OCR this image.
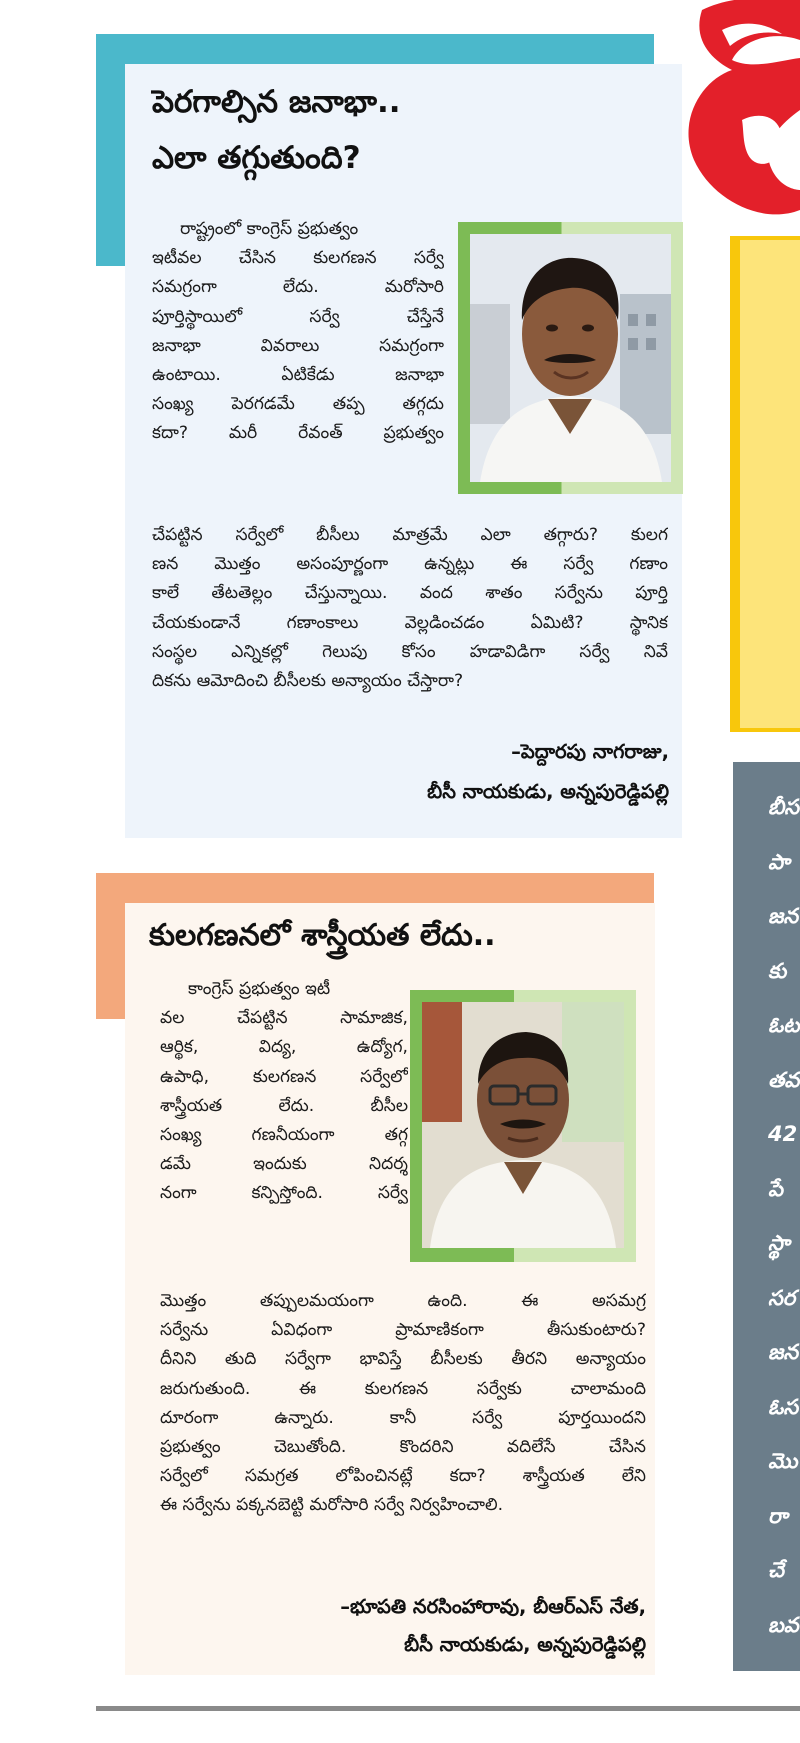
పెరగాల్సిన జనాభా..
ఎలా తగ్గుతుంది?
రాష్ట్రంలో కాంగ్రెస్ ప్రభుత్వం
ఇటీవల చేసిన కులగణన సర్వే
సమగ్రంగా లేదు. మరోసారి
పూర్తిస్థాయిలో సర్వే చేస్తేనే
జనాభా వివరాలు సమగ్రంగా
ఉంటాయి. ఏటికేడు జనాభా
సంఖ్య పెరగడమే తప్ప తగ్గదు
కదా? మరీ రేవంత్ ప్రభుత్వం
చేపట్టిన సర్వేలో బీసీలు మాత్రమే ఎలా తగ్గారు? కులగ
ణన మొత్తం అసంపూర్ణంగా ఉన్నట్లు ఈ సర్వే గణాం
కాలే తేటతెల్లం చేస్తున్నాయి. వంద శాతం సర్వేను పూర్తి
చేయకుండానే గణాంకాలు వెల్లడించడం ఏమిటి? స్థానిక
సంస్థల ఎన్నికల్లో గెలుపు కోసం హడావిడిగా సర్వే నివే
దికను ఆమోదించి బీసీలకు అన్యాయం చేస్తారా?
–పెద్దారపు నాగరాజు,
బీసీ నాయకుడు, అన్నపురెడ్డిపల్లి
కులగణనలో శాస్త్రీయత లేదు..
కాంగ్రెస్ ప్రభుత్వం ఇటీ
వల చేపట్టిన సామాజిక,
ఆర్థిక, విద్య, ఉద్యోగ,
ఉపాధి, కులగణన సర్వేలో
శాస్త్రీయత లేదు. బీసీల
సంఖ్య గణనీయంగా తగ్గ
డమే ఇందుకు నిదర్శ
నంగా కన్పిస్తోంది. సర్వే
మొత్తం తప్పులమయంగా ఉంది. ఈ అసమగ్ర
సర్వేను ఏవిధంగా ప్రామాణికంగా తీసుకుంటారు?
దీనిని తుది సర్వేగా భావిస్తే బీసీలకు తీరని అన్యాయం
జరుగుతుంది. ఈ కులగణన సర్వేకు చాలామంది
దూరంగా ఉన్నారు. కానీ సర్వే పూర్తయిందని
ప్రభుత్వం చెబుతోంది. కొందరిని వదిలేసే చేసిన
సర్వేలో సమగ్రత లోపించినట్లే కదా? శాస్త్రీయత లేని
ఈ సర్వేను పక్కనబెట్టి మరోసారి సర్వే నిర్వహించాలి.
–భూపతి నరసింహారావు, బీఆర్ఎస్ నేత,
బీసీ నాయకుడు, అన్నపురెడ్డిపల్లి
బీస
పా
జన
కు
ఓట
తవ
42
పే
స్థా
సర
జన
ఓస
మొ
రా
చే
బవ
